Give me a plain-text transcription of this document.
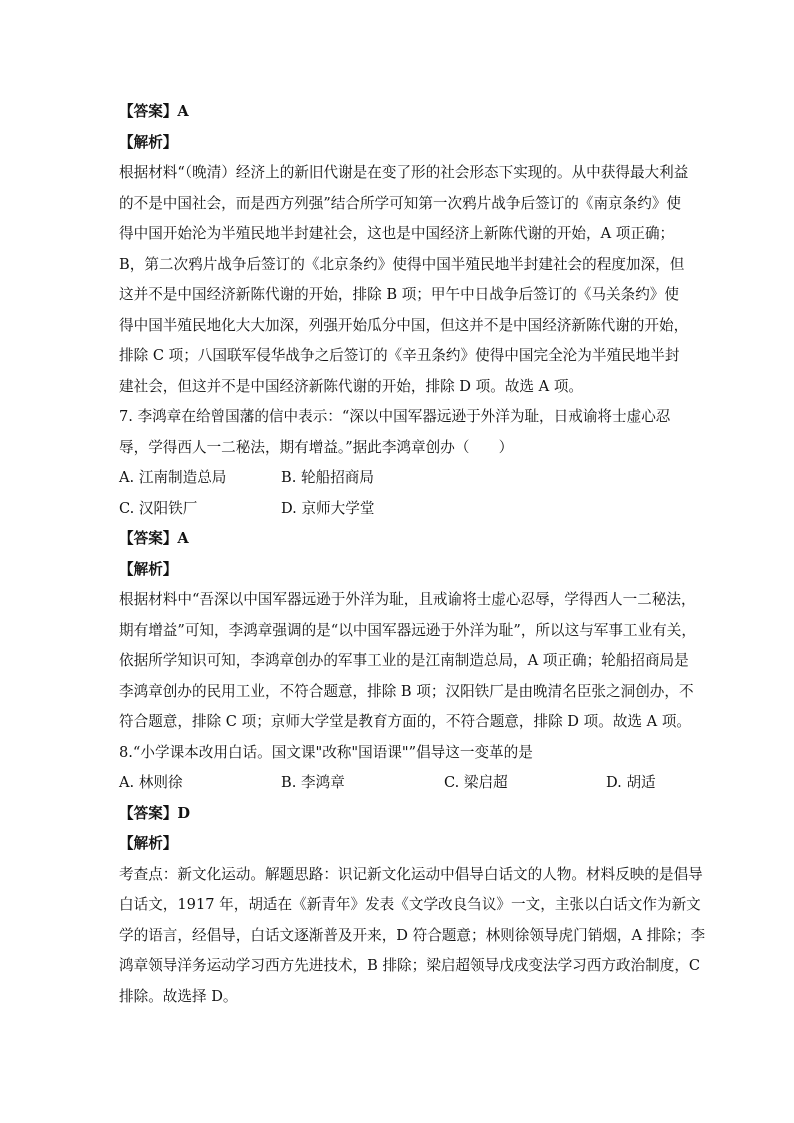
【答案】A
【解析】
根据材料“（晚清）经济上的新旧代谢是在变了形的社会形态下实现的。从中获得最大利益
的不是中国社会，而是西方列强”结合所学可知第一次鸦片战争后签订的《南京条约》使
得中国开始沦为半殖民地半封建社会，这也是中国经济上新陈代谢的开始，A 项正确；
B，第二次鸦片战争后签订的《北京条约》使得中国半殖民地半封建社会的程度加深，但
这并不是中国经济新陈代谢的开始，排除 B 项；甲午中日战争后签订的《马关条约》使
得中国半殖民地化大大加深，列强开始瓜分中国，但这并不是中国经济新陈代谢的开始，
排除 C 项；八国联军侵华战争之后签订的《辛丑条约》使得中国完全沦为半殖民地半封
建社会，但这并不是中国经济新陈代谢的开始，排除 D 项。故选 A 项。
7. 李鸿章在给曾国藩的信中表示：“深以中国军器远逊于外洋为耻，日戒谕将士虚心忍
辱，学得西人一二秘法，期有增益。”据此李鸿章创办（　　）
A. 江南制造总局	B. 轮船招商局
C. 汉阳铁厂	D. 京师大学堂
【答案】A
【解析】
根据材料中“吾深以中国军器远逊于外洋为耻，且戒谕将士虚心忍辱，学得西人一二秘法，
期有增益”可知，李鸿章强调的是“以中国军器远逊于外洋为耻”，所以这与军事工业有关，
依据所学知识可知，李鸿章创办的军事工业的是江南制造总局，A 项正确；轮船招商局是
李鸿章创办的民用工业，不符合题意，排除 B 项；汉阳铁厂是由晚清名臣张之洞创办，不
符合题意，排除 C 项；京师大学堂是教育方面的，不符合题意，排除 D 项。故选 A 项。
8.“小学课本改用白话。国文课"改称"国语课"”倡导这一变革的是
A. 林则徐	B. 李鸿章	C. 梁启超	D. 胡适
【答案】D
【解析】
考查点：新文化运动。解题思路：识记新文化运动中倡导白话文的人物。材料反映的是倡导
白话文，1917 年，胡适在《新青年》发表《文学改良刍议》一文，主张以白话文作为新文
学的语言，经倡导，白话文逐渐普及开来，D 符合题意；林则徐领导虎门销烟，A 排除；李
鸿章领导洋务运动学习西方先进技术，B 排除；梁启超领导戊戌变法学习西方政治制度，C
排除。故选择 D。
